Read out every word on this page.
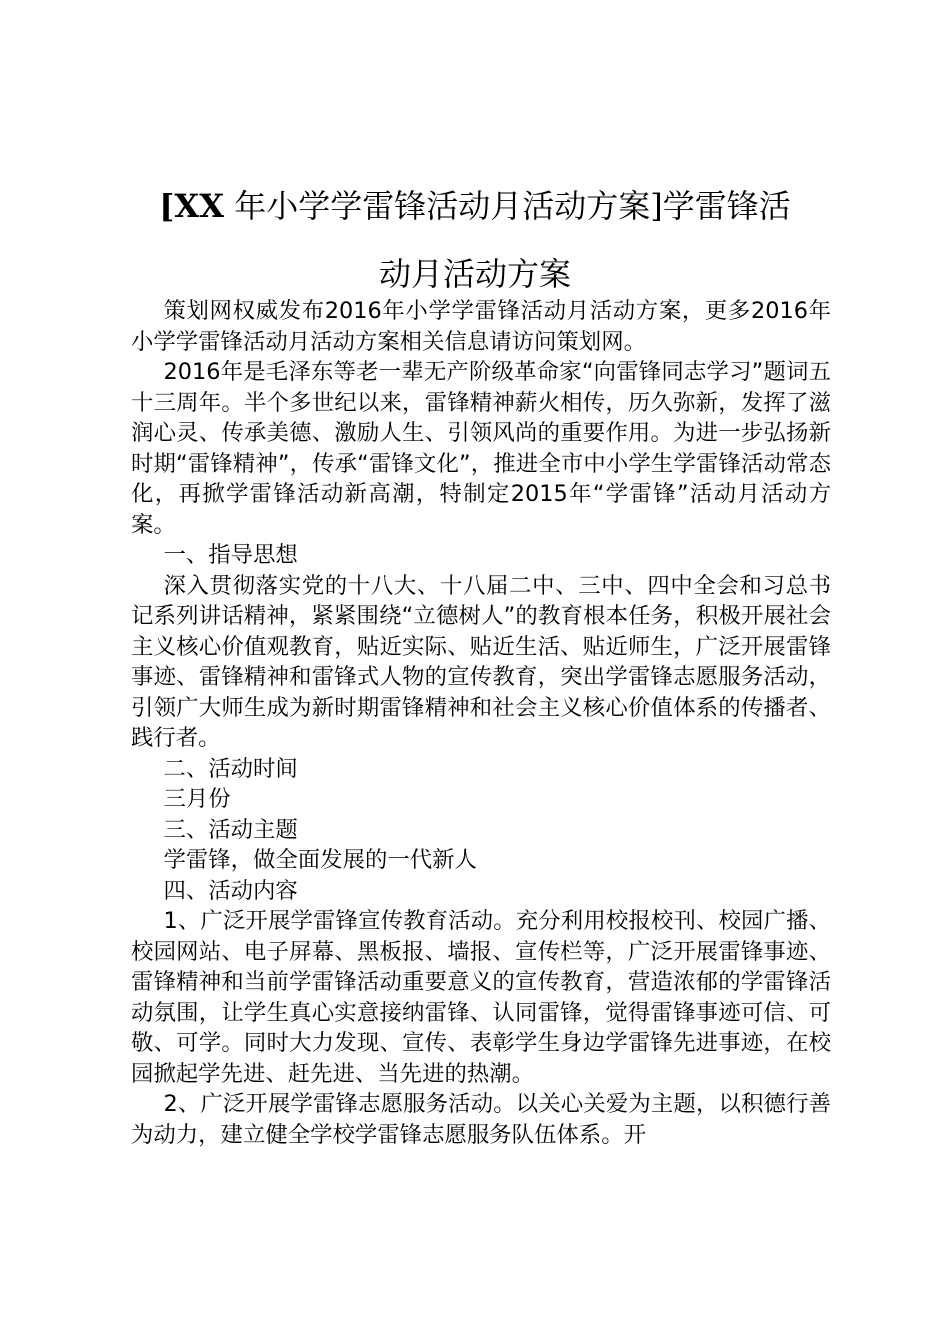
[XX 年小学学雷锋活动月活动方案]学雷锋活
动月活动方案

策划网权威发布2016年小学学雷锋活动月活动方案，更多2016年小学学雷锋活动月活动方案相关信息请访问策划网。

2016年是毛泽东等老一辈无产阶级革命家“向雷锋同志学习”题词五十三周年。半个多世纪以来，雷锋精神薪火相传，历久弥新，发挥了滋润心灵、传承美德、激励人生、引领风尚的重要作用。为进一步弘扬新时期“雷锋精神”，传承“雷锋文化”，推进全市中小学生学雷锋活动常态化，再掀学雷锋活动新高潮，特制定2015年“学雷锋”活动月活动方案。

一、指导思想

深入贯彻落实党的十八大、十八届二中、三中、四中全会和习总书记系列讲话精神，紧紧围绕“立德树人”的教育根本任务，积极开展社会主义核心价值观教育，贴近实际、贴近生活、贴近师生，广泛开展雷锋事迹、雷锋精神和雷锋式人物的宣传教育，突出学雷锋志愿服务活动，引领广大师生成为新时期雷锋精神和社会主义核心价值体系的传播者、践行者。

二、活动时间

三月份

三、活动主题

学雷锋，做全面发展的一代新人

四、活动内容

1、广泛开展学雷锋宣传教育活动。充分利用校报校刊、校园广播、校园网站、电子屏幕、黑板报、墙报、宣传栏等，广泛开展雷锋事迹、雷锋精神和当前学雷锋活动重要意义的宣传教育，营造浓郁的学雷锋活动氛围，让学生真心实意接纳雷锋、认同雷锋，觉得雷锋事迹可信、可敬、可学。同时大力发现、宣传、表彰学生身边学雷锋先进事迹，在校园掀起学先进、赶先进、当先进的热潮。

2、广泛开展学雷锋志愿服务活动。以关心关爱为主题，以积德行善为动力，建立健全学校学雷锋志愿服务队伍体系。开
